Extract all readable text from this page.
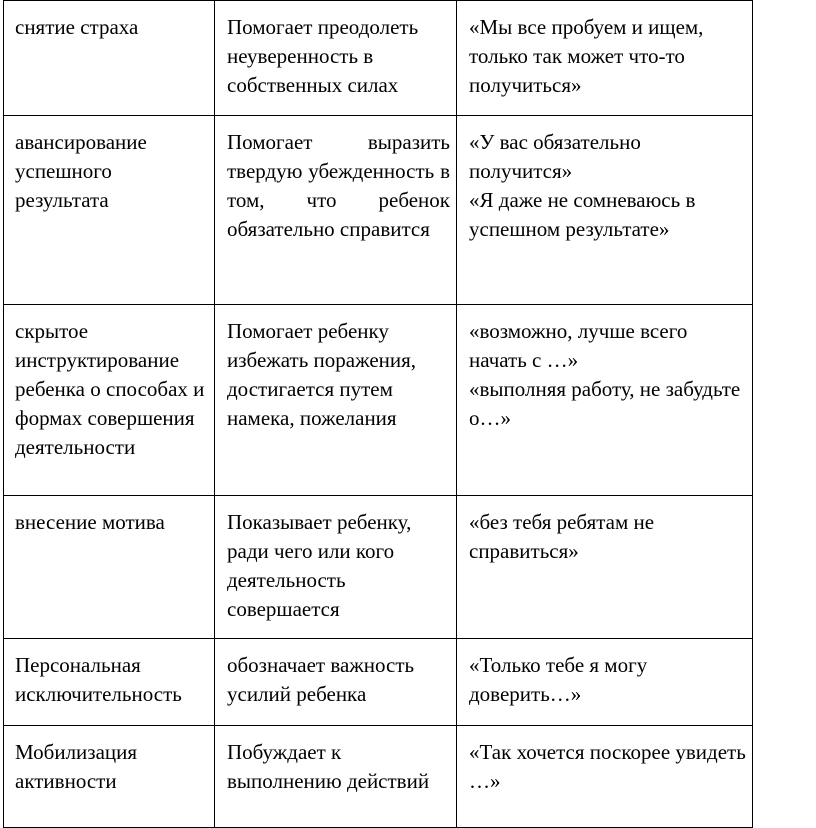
снятие страха	Помогает преодолеть неуверенность в собственных силах	«Мы все пробуем и ищем, только так может что-то получиться»

авансирование успешного результата	Помогает выразить твердую убежденность в том, что ребенок обязательно справится	«У вас обязательно получится»
«Я даже не сомневаюсь в успешном результате»

скрытое инструктирование ребенка о способах и формах совершения деятельности	Помогает ребенку избежать поражения, достигается путем намека, пожелания	«возможно, лучше всего начать с …»
«выполняя работу, не забудьте о…»

внесение мотива	Показывает ребенку, ради чего или кого деятельность совершается	«без тебя ребятам не справиться»

Персональная исключительность	обозначает важность усилий ребенка	«Только тебе я могу доверить…»

Мобилизация активности	Побуждает к выполнению действий	«Так хочется поскорее увидеть …»
